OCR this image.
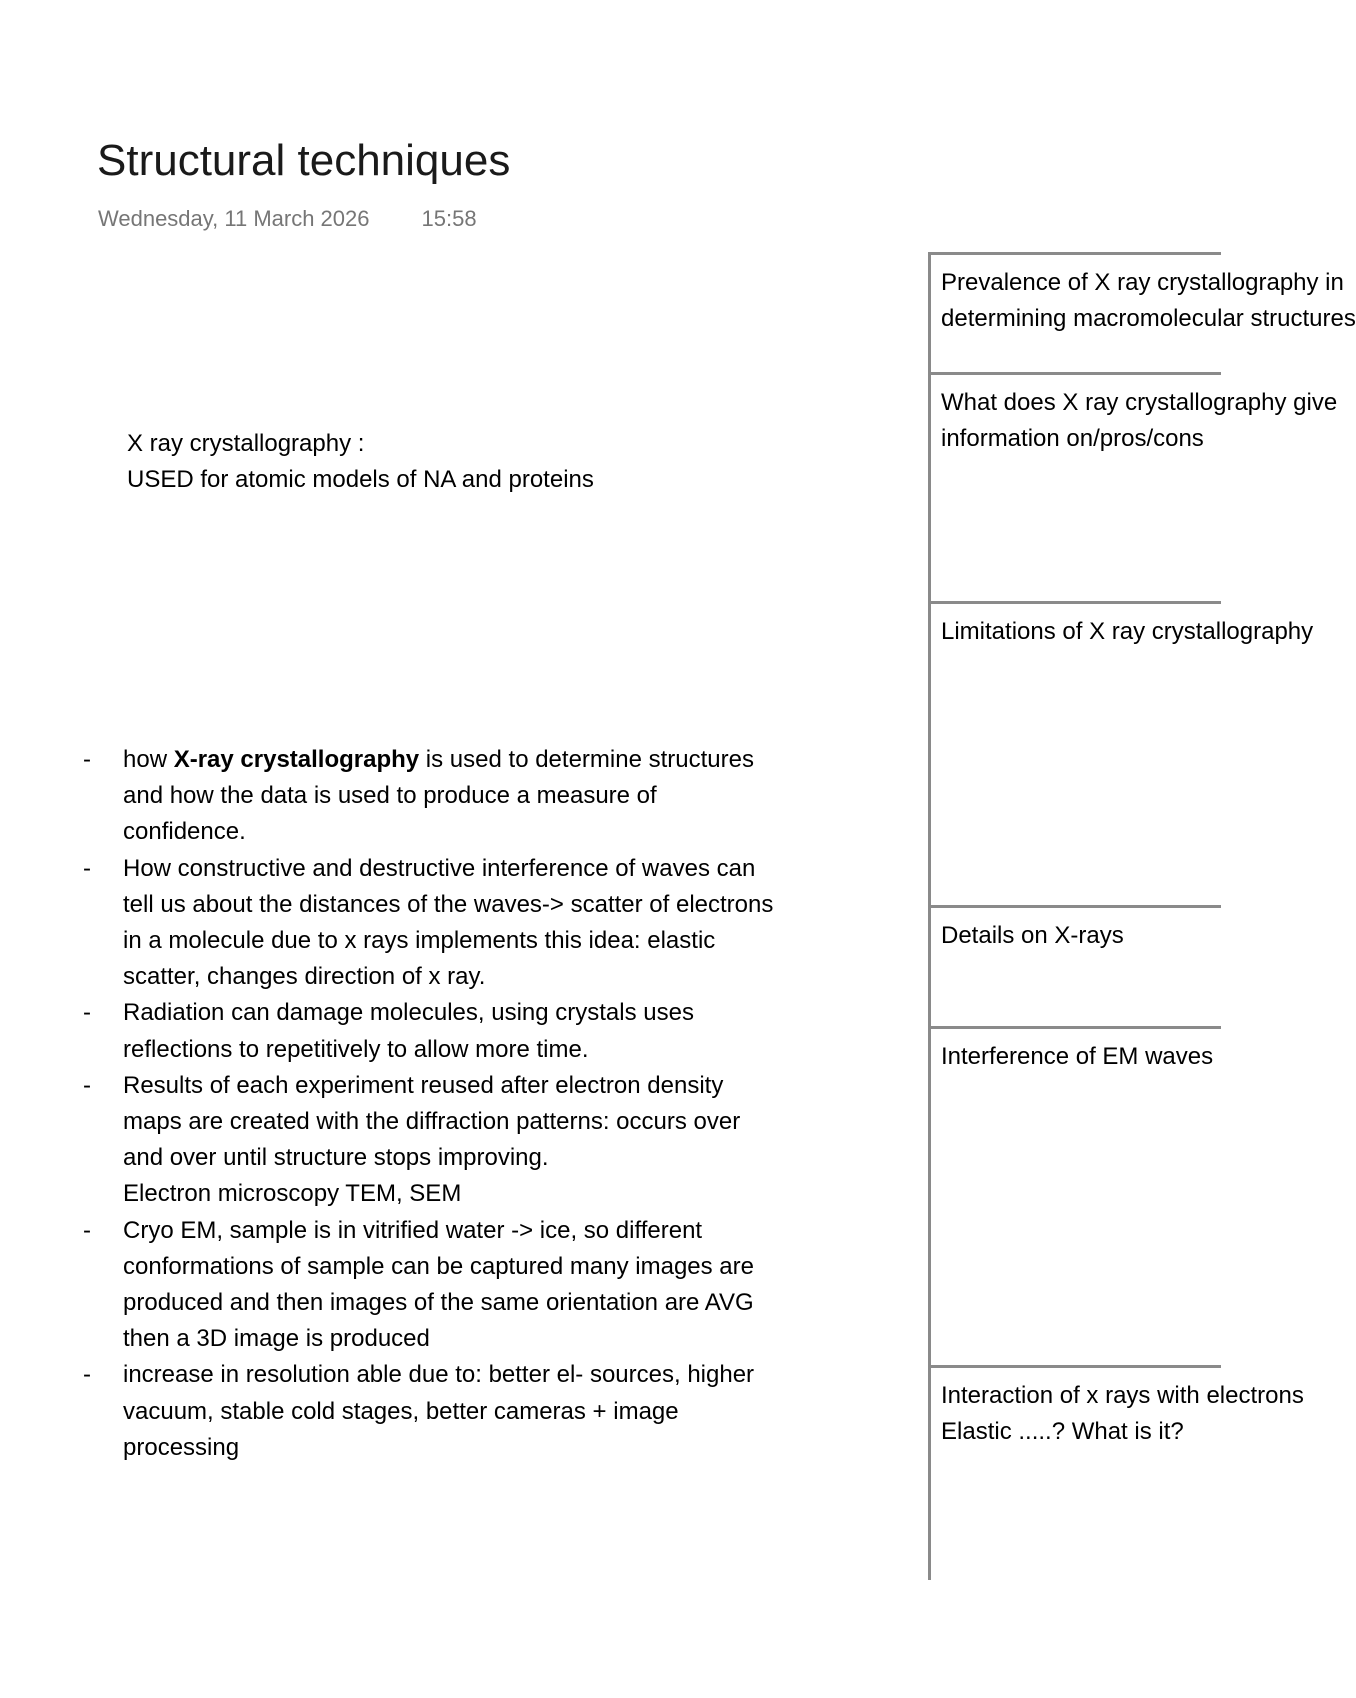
Structural techniques
Wednesday, 11 March 2026 15:58
X ray crystallography :
USED for atomic models of NA and proteins
- how X-ray crystallography is used to determine structures and how the data is used to produce a measure of confidence.
- How constructive and destructive interference of waves can tell us about the distances of the waves-> scatter of electrons in a molecule due to x rays implements this idea: elastic scatter, changes direction of x ray.
- Radiation can damage molecules, using crystals uses reflections to repetitively to allow more time.
- Results of each experiment reused after electron density maps are created with the diffraction patterns: occurs over and over until structure stops improving.
Electron microscopy TEM, SEM
- Cryo EM, sample is in vitrified water -> ice, so different conformations of sample can be captured many images are produced and then images of the same orientation are AVG then a 3D image is produced
- increase in resolution able due to: better el- sources, higher vacuum, stable cold stages, better cameras + image processing
Prevalence of X ray crystallography in
determining macromolecular structures
What does X ray crystallography give
information on/pros/cons
Limitations of X ray crystallography
Details on X-rays
Interference of EM waves
Interaction of x rays with electrons
Elastic .....? What is it?
